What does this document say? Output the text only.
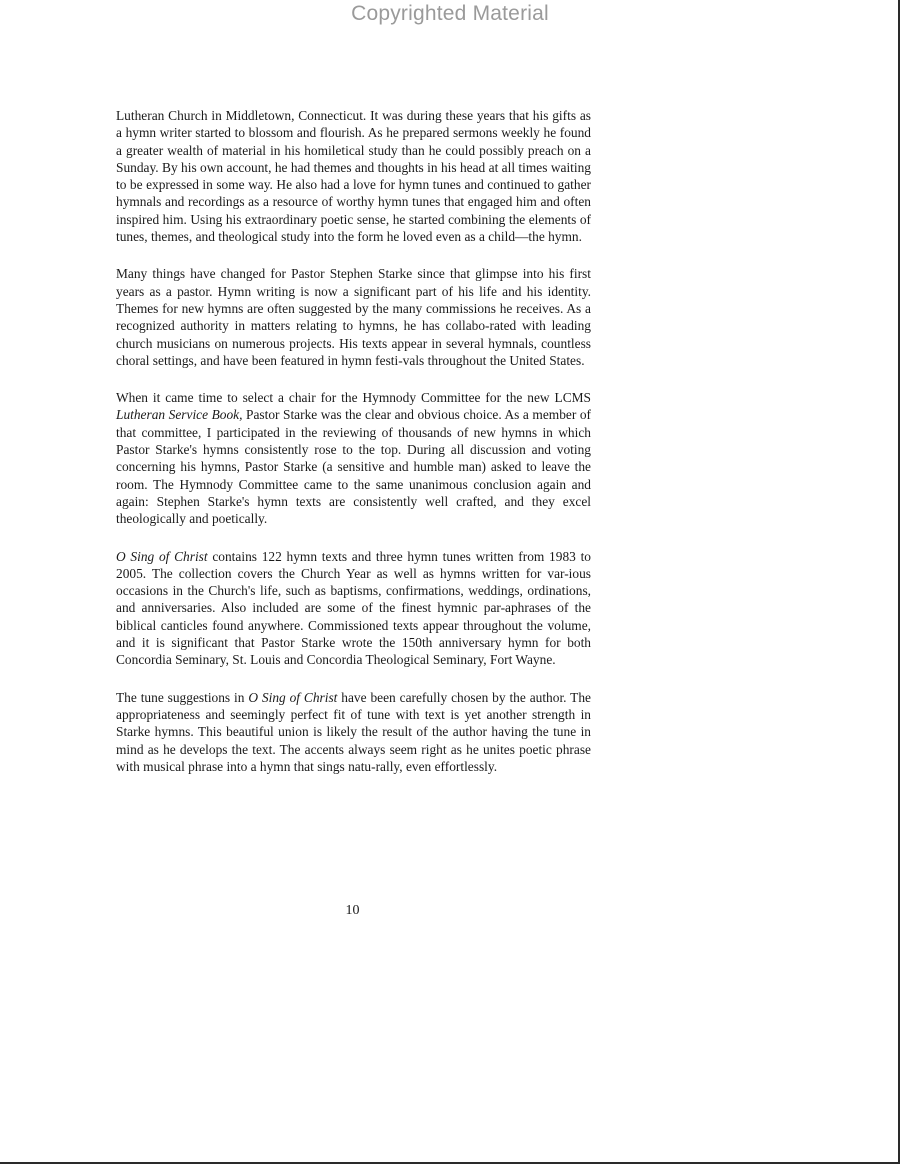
Copyrighted Material

Lutheran Church in Middletown, Connecticut. It was during these years that his gifts as a hymn writer started to blossom and flourish. As he prepared sermons weekly he found a greater wealth of material in his homiletical study than he could possibly preach on a Sunday. By his own account, he had themes and thoughts in his head at all times waiting to be expressed in some way. He also had a love for hymn tunes and continued to gather hymnals and recordings as a resource of worthy hymn tunes that engaged him and often inspired him. Using his extraordinary poetic sense, he started combining the elements of tunes, themes, and theological study into the form he loved even as a child—the hymn.

Many things have changed for Pastor Stephen Starke since that glimpse into his first years as a pastor. Hymn writing is now a significant part of his life and his identity. Themes for new hymns are often suggested by the many commissions he receives. As a recognized authority in matters relating to hymns, he has collabo-rated with leading church musicians on numerous projects. His texts appear in several hymnals, countless choral settings, and have been featured in hymn festi-vals throughout the United States.

When it came time to select a chair for the Hymnody Committee for the new LCMS Lutheran Service Book, Pastor Starke was the clear and obvious choice. As a member of that committee, I participated in the reviewing of thousands of new hymns in which Pastor Starke's hymns consistently rose to the top. During all discussion and voting concerning his hymns, Pastor Starke (a sensitive and humble man) asked to leave the room. The Hymnody Committee came to the same unanimous conclusion again and again: Stephen Starke's hymn texts are consistently well crafted, and they excel theologically and poetically.

O Sing of Christ contains 122 hymn texts and three hymn tunes written from 1983 to 2005. The collection covers the Church Year as well as hymns written for var-ious occasions in the Church's life, such as baptisms, confirmations, weddings, ordinations, and anniversaries. Also included are some of the finest hymnic par-aphrases of the biblical canticles found anywhere. Commissioned texts appear throughout the volume, and it is significant that Pastor Starke wrote the 150th anniversary hymn for both Concordia Seminary, St. Louis and Concordia Theological Seminary, Fort Wayne.

The tune suggestions in O Sing of Christ have been carefully chosen by the author. The appropriateness and seemingly perfect fit of tune with text is yet another strength in Starke hymns. This beautiful union is likely the result of the author having the tune in mind as he develops the text. The accents always seem right as he unites poetic phrase with musical phrase into a hymn that sings natu-rally, even effortlessly.

10
